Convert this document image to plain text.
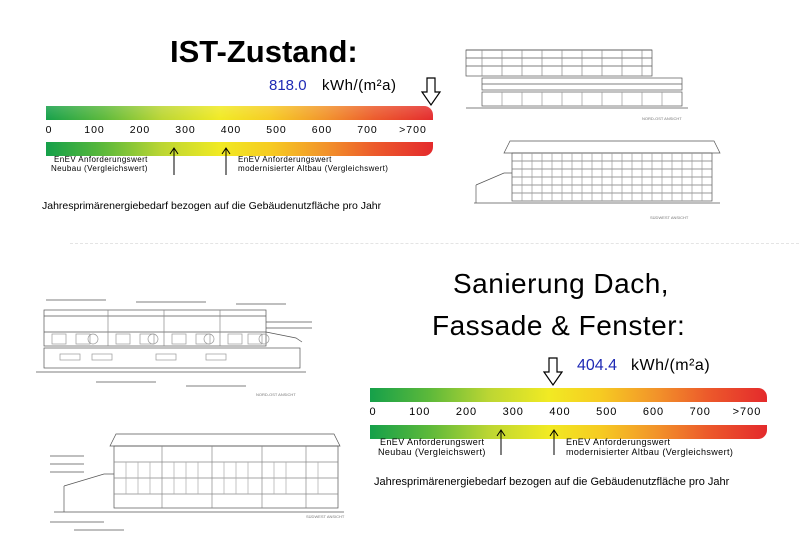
IST-Zustand:
818.0 kWh/(m²a)
0	100 200 300 400 500 600 700 >700
EnEV Anforderungswert
Neubau (Vergleichswert)
EnEV Anforderungswert
modernisierter Altbau (Vergleichswert)
Jahresprimärenergiebedarf bezogen auf die Gebäudenutzfläche pro Jahr
NORD-OST ANSICHT
SÜDWEST ANSICHT
Sanierung Dach,
Fassade & Fenster:
404.4 kWh/(m²a)
0	100 200 300 400 500 600 700 >700
EnEV Anforderungswert
Neubau (Vergleichswert)
EnEV Anforderungswert
modernisierter Altbau (Vergleichswert)
Jahresprimärenergiebedarf bezogen auf die Gebäudenutzfläche pro Jahr
NORD-OST ANSICHT
SÜDWEST ANSICHT
